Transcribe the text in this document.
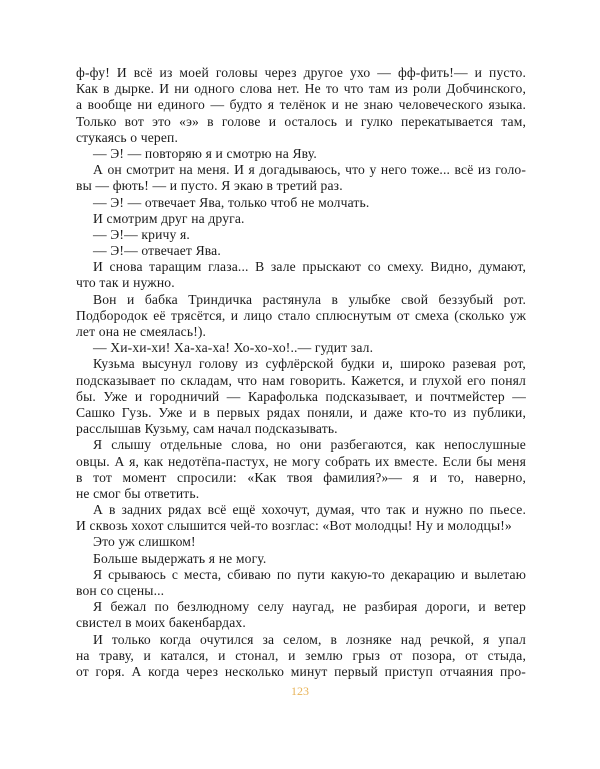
ф-фу! И всё из моей головы через другое ухо — фф-фить!— и пусто.
Как в дырке. И ни одного слова нет. Не то что там из роли Добчинского,
а вообще ни единого — будто я телёнок и не знаю человеческого языка.
Только вот это «э» в голове и осталось и гулко перекатывается там,
стукаясь о череп.
— Э! — повторяю я и смотрю на Яву.
А он смотрит на меня. И я догадываюсь, что у него тоже... всё из голо-
вы — фють! — и пусто. Я экаю в третий раз.
— Э! — отвечает Ява, только чтоб не молчать.
И смотрим друг на друга.
— Э!— кричу я.
— Э!— отвечает Ява.
И снова таращим глаза... В зале прыскают со смеху. Видно, думают,
что так и нужно.
Вон и бабка Триндичка растянула в улыбке свой беззубый рот.
Подбородок её трясётся, и лицо стало сплюснутым от смеха (сколько уж
лет она не смеялась!).
— Хи-хи-хи! Ха-ха-ха! Хо-хо-хо!..— гудит зал.
Кузьма высунул голову из суфлёрской будки и, широко разевая рот,
подсказывает по складам, что нам говорить. Кажется, и глухой его понял
бы. Уже и городничий — Карафолька подсказывает, и почтмейстер —
Сашко Гузь. Уже и в первых рядах поняли, и даже кто-то из публики,
расслышав Кузьму, сам начал подсказывать.
Я слышу отдельные слова, но они разбегаются, как непослушные
овцы. А я, как недотёпа-пастух, не могу собрать их вместе. Если бы меня
в тот момент спросили: «Как твоя фамилия?»— я и то, наверно,
не смог бы ответить.
А в задних рядах всё ещё хохочут, думая, что так и нужно по пьесе.
И сквозь хохот слышится чей-то возглас: «Вот молодцы! Ну и молодцы!»
Это уж слишком!
Больше выдержать я не могу.
Я срываюсь с места, сбиваю по пути какую-то декарацию и вылетаю
вон со сцены...
Я бежал по безлюдному селу наугад, не разбирая дороги, и ветер
свистел в моих бакенбардах.
И только когда очутился за селом, в лозняке над речкой, я упал
на траву, и катался, и стонал, и землю грыз от позора, от стыда,
от горя. А когда через несколько минут первый приступ отчаяния про-
123
